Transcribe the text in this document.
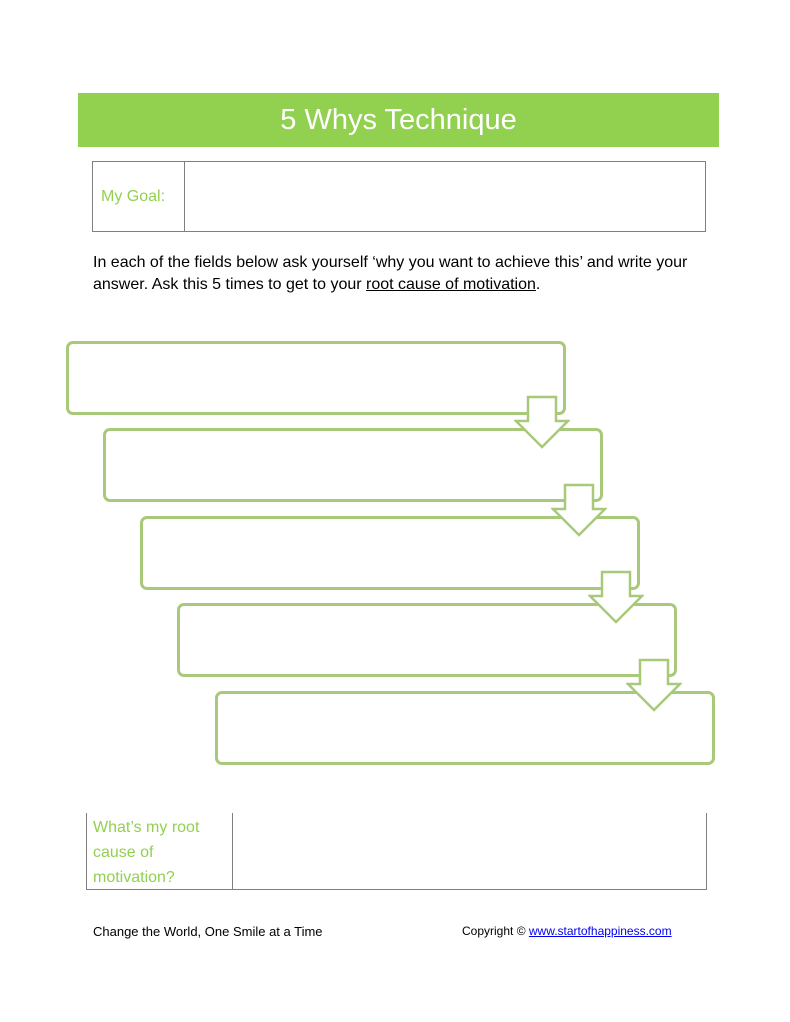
5 Whys Technique
My Goal:
In each of the fields below ask yourself ‘why you want to achieve this’ and write your answer. Ask this 5 times to get to your root cause of motivation.
What’s my root cause of motivation?
Change the World, One Smile at a Time	Copyright © www.startofhappiness.com
